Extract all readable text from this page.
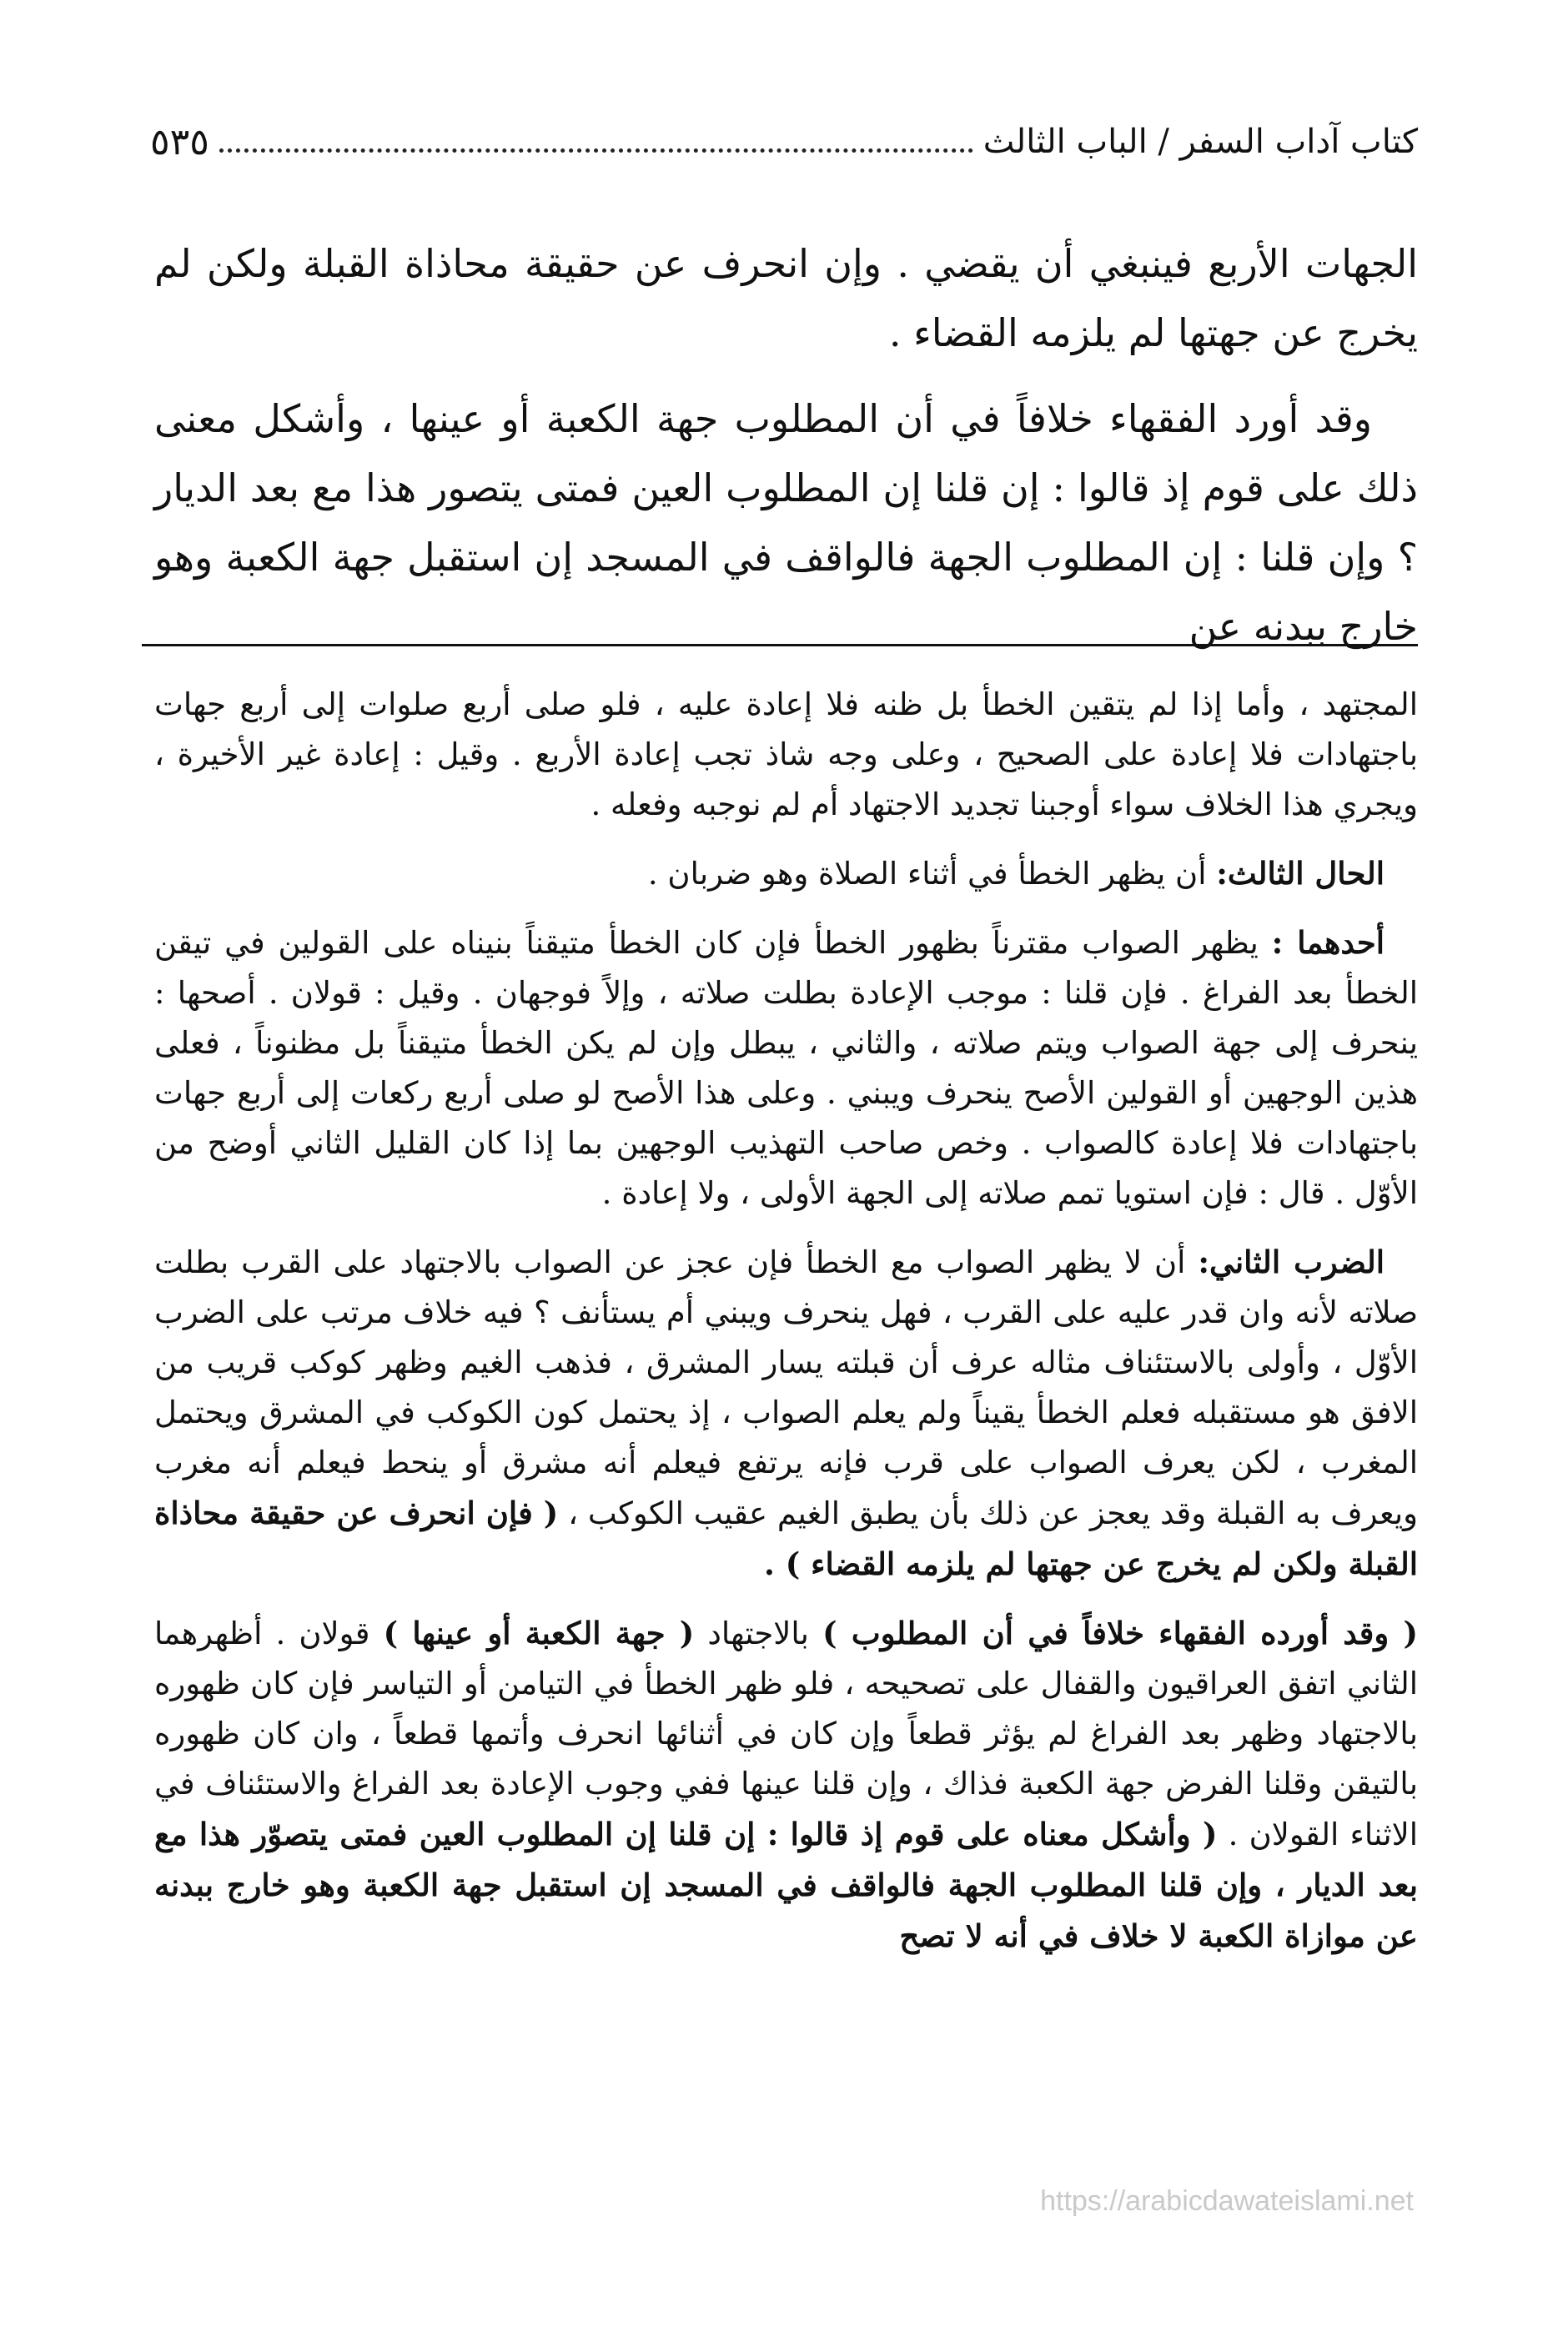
كتاب آداب السفر / الباب الثالث
٥٣٥

الجهات الأربع فينبغي أن يقضي . وإن انحرف عن حقيقة محاذاة القبلة ولكن لم يخرج عن جهتها لم يلزمه القضاء .

وقد أورد الفقهاء خلافاً في أن المطلوب جهة الكعبة أو عينها ، وأشكل معنى ذلك على قوم إذ قالوا : إن قلنا إن المطلوب العين فمتى يتصور هذا مع بعد الديار ؟ وإن قلنا : إن المطلوب الجهة فالواقف في المسجد إن استقبل جهة الكعبة وهو خارج ببدنه عن

المجتهد ، وأما إذا لم يتقين الخطأ بل ظنه فلا إعادة عليه ، فلو صلى أربع صلوات إلى أربع جهات باجتهادات فلا إعادة على الصحيح ، وعلى وجه شاذ تجب إعادة الأربع . وقيل : إعادة غير الأخيرة ، ويجري هذا الخلاف سواء أوجبنا تجديد الاجتهاد أم لم نوجبه وفعله .

الحال الثالث: أن يظهر الخطأ في أثناء الصلاة وهو ضربان .

أحدهما : يظهر الصواب مقترناً بظهور الخطأ فإن كان الخطأ متيقناً بنيناه على القولين في تيقن الخطأ بعد الفراغ . فإن قلنا : موجب الإعادة بطلت صلاته ، وإلاً فوجهان . وقيل : قولان . أصحها : ينحرف إلى جهة الصواب ويتم صلاته ، والثاني ، يبطل وإن لم يكن الخطأ متيقناً بل مظنوناً ، فعلى هذين الوجهين أو القولين الأصح ينحرف ويبني . وعلى هذا الأصح لو صلى أربع ركعات إلى أربع جهات باجتهادات فلا إعادة كالصواب . وخص صاحب التهذيب الوجهين بما إذا كان القليل الثاني أوضح من الأوّل . قال : فإن استويا تمم صلاته إلى الجهة الأولى ، ولا إعادة .

الضرب الثاني: أن لا يظهر الصواب مع الخطأ فإن عجز عن الصواب بالاجتهاد على القرب بطلت صلاته لأنه وان قدر عليه على القرب ، فهل ينحرف ويبني أم يستأنف ؟ فيه خلاف مرتب على الضرب الأوّل ، وأولى بالاستئناف مثاله عرف أن قبلته يسار المشرق ، فذهب الغيم وظهر كوكب قريب من الافق هو مستقبله فعلم الخطأ يقيناً ولم يعلم الصواب ، إذ يحتمل كون الكوكب في المشرق ويحتمل المغرب ، لكن يعرف الصواب على قرب فإنه يرتفع فيعلم أنه مشرق أو ينحط فيعلم أنه مغرب ويعرف به القبلة وقد يعجز عن ذلك بأن يطبق الغيم عقيب الكوكب ، ( فإن انحرف عن حقيقة محاذاة القبلة ولكن لم يخرج عن جهتها لم يلزمه القضاء ) .

( وقد أورده الفقهاء خلافاً في أن المطلوب ) بالاجتهاد ( جهة الكعبة أو عينها ) قولان . أظهرهما الثاني اتفق العراقيون والقفال على تصحيحه ، فلو ظهر الخطأ في التيامن أو التياسر فإن كان ظهوره بالاجتهاد وظهر بعد الفراغ لم يؤثر قطعاً وإن كان في أثنائها انحرف وأتمها قطعاً ، وان كان ظهوره بالتيقن وقلنا الفرض جهة الكعبة فذاك ، وإن قلنا عينها ففي وجوب الإعادة بعد الفراغ والاستئناف في الاثناء القولان . ( وأشكل معناه على قوم إذ قالوا : إن قلنا إن المطلوب العين فمتى يتصوّر هذا مع بعد الديار ، وإن قلنا المطلوب الجهة فالواقف في المسجد إن استقبل جهة الكعبة وهو خارج ببدنه عن موازاة الكعبة لا خلاف في أنه لا تصح

https://arabicdawateislami.net
